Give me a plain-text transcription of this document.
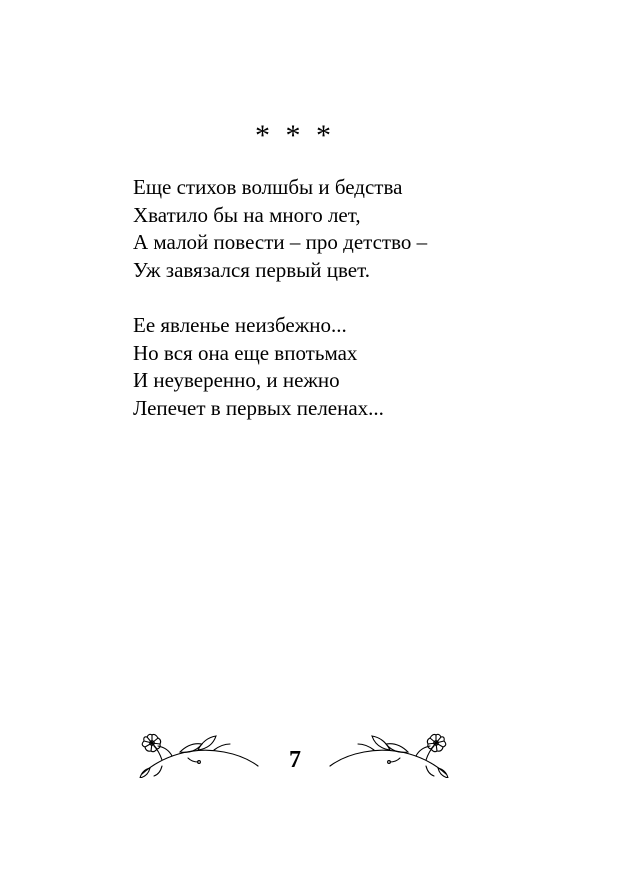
* * *
Еще стихов волшбы и бедства
Хватило бы на много лет,
А малой повести – про детство –
Уж завязался первый цвет.
Ее явленье неизбежно...
Но вся она еще впотьмах
И неуверенно, и нежно
Лепечет в первых пеленах...
7
